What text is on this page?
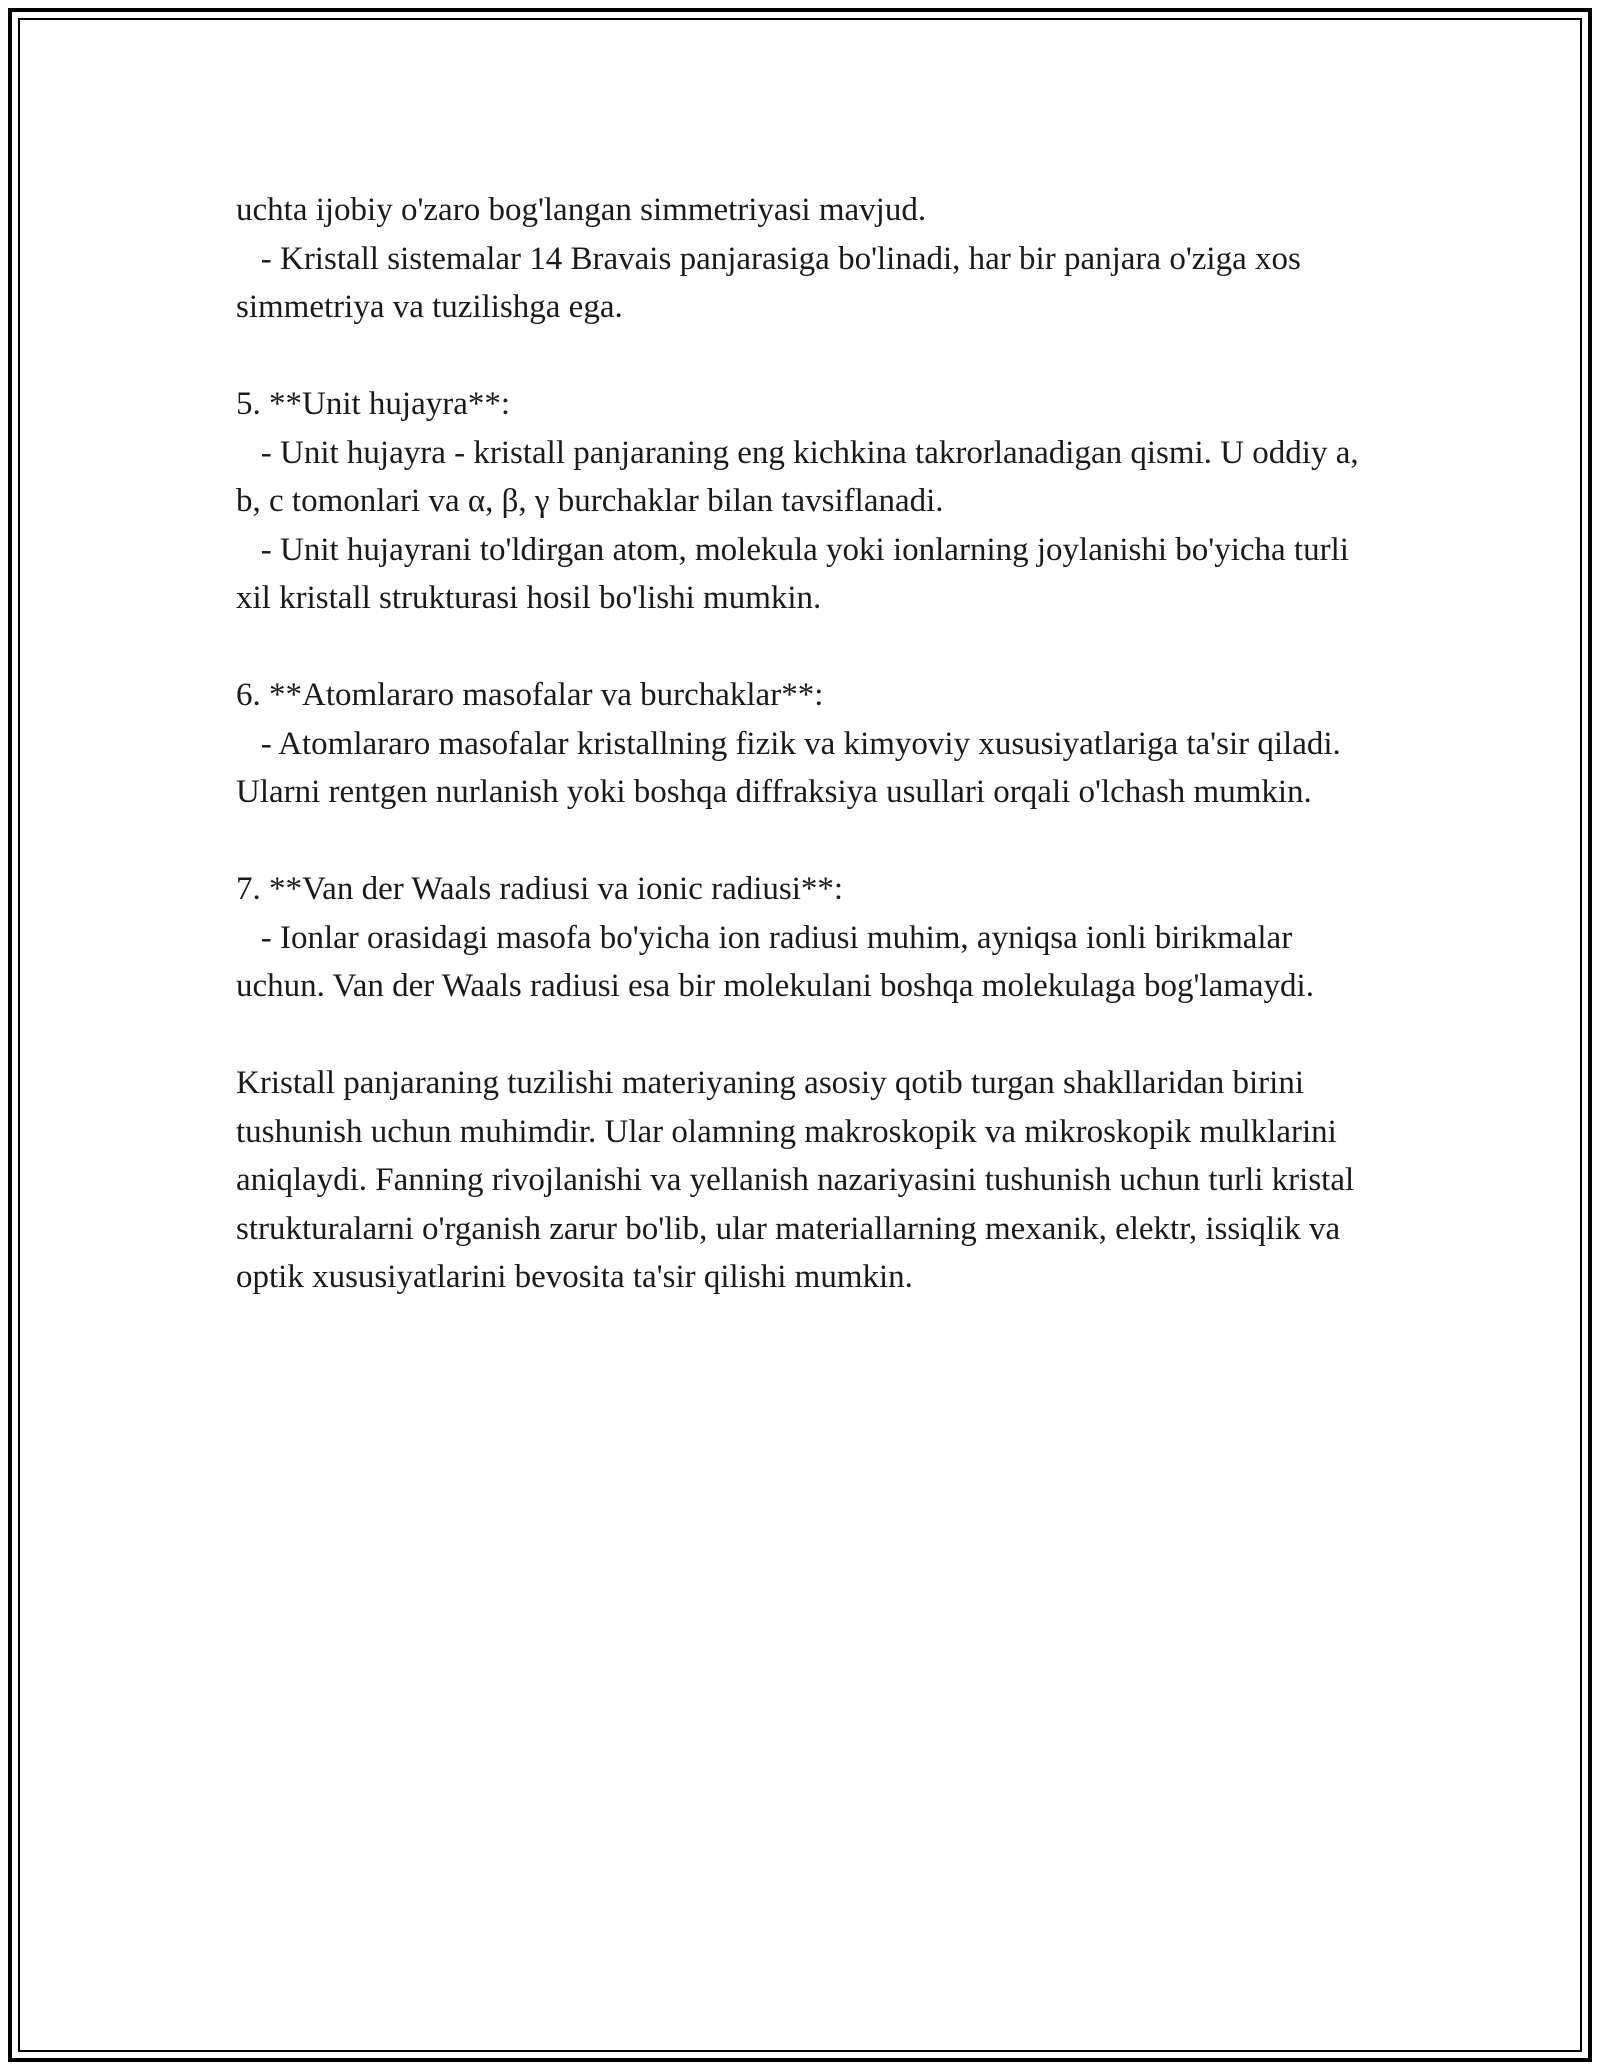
uchta ijobiy o'zaro bog'langan simmetriyasi mavjud.

- Kristall sistemalar 14 Bravais panjarasiga bo'linadi, har bir panjara o'ziga xos simmetriya va tuzilishga ega.

5. **Unit hujayra**:

- Unit hujayra - kristall panjaraning eng kichkina takrorlanadigan qismi. U oddiy a, b, c tomonlari va α, β, γ burchaklar bilan tavsiflanadi.

- Unit hujayrani to'ldirgan atom, molekula yoki ionlarning joylanishi bo'yicha turli xil kristall strukturasi hosil bo'lishi mumkin.

6. **Atomlararo masofalar va burchaklar**:

- Atomlararo masofalar kristallning fizik va kimyoviy xususiyatlariga ta'sir qiladi. Ularni rentgen nurlanish yoki boshqa diffraksiya usullari orqali o'lchash mumkin.

7. **Van der Waals radiusi va ionic radiusi**:

- Ionlar orasidagi masofa bo'yicha ion radiusi muhim, ayniqsa ionli birikmalar uchun. Van der Waals radiusi esa bir molekulani boshqa molekulaga bog'lamaydi.

Kristall panjaraning tuzilishi materiyaning asosiy qotib turgan shakllaridan birini tushunish uchun muhimdir. Ular olamning makroskopik va mikroskopik mulklarini aniqlaydi. Fanning rivojlanishi va yellanish nazariyasini tushunish uchun turli kristal strukturalarni o'rganish zarur bo'lib, ular materiallarning mexanik, elektr, issiqlik va optik xususiyatlarini bevosita ta'sir qilishi mumkin.
